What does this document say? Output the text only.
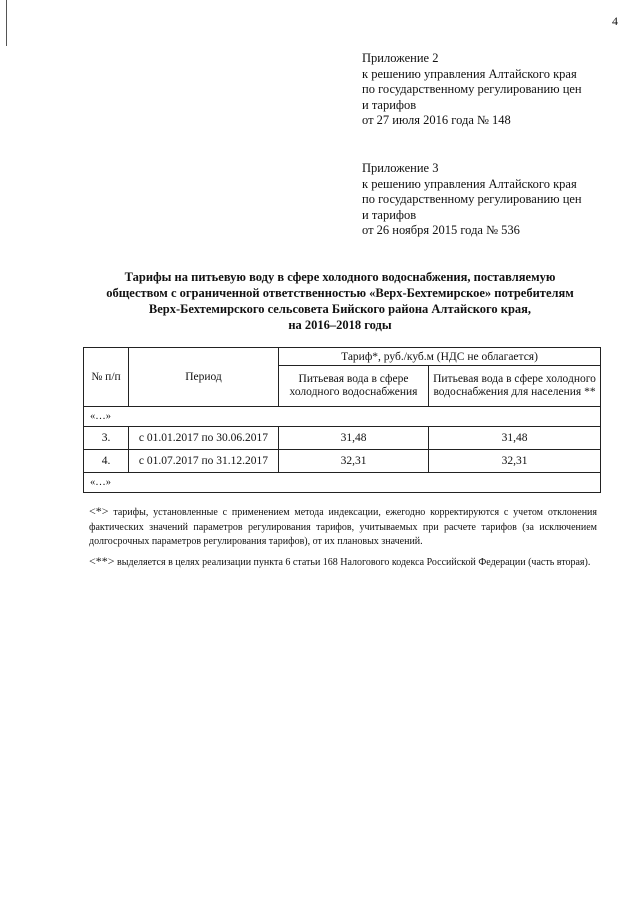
4
Приложение 2
к решению управления Алтайского края
по государственному регулированию цен
и тарифов
от 27 июля 2016 года № 148
Приложение 3
к решению управления Алтайского края
по государственному регулированию цен
и тарифов
от 26 ноября 2015 года № 536
Тарифы на питьевую воду в сфере холодного водоснабжения, поставляемую
обществом с ограниченной ответственностью «Верх-Бехтемирское» потребителям
Верх-Бехтемирского сельсовета Бийского района Алтайского края,
на 2016–2018 годы
№ п/п	Период	Тариф*, руб./куб.м (НДС не облагается)	
		Питьевая вода в сфере холодного водоснабжения	Питьевая вода в сфере холодного водоснабжения для населения **
«…»			
3.	с 01.01.2017 по 30.06.2017	31,48	31,48
4.	с 01.07.2017 по 31.12.2017	32,31	32,31
«…»			

<*> тарифы, установленные с применением метода индексации, ежегодно корректируются с учетом отклонения фактических значений параметров регулирования тарифов, учитываемых при расчете тарифов (за исключением долгосрочных параметров регулирования тарифов), от их плановых значений.

<**> выделяется в целях реализации пункта 6 статьи 168 Налогового кодекса Российской Федерации (часть вторая).
